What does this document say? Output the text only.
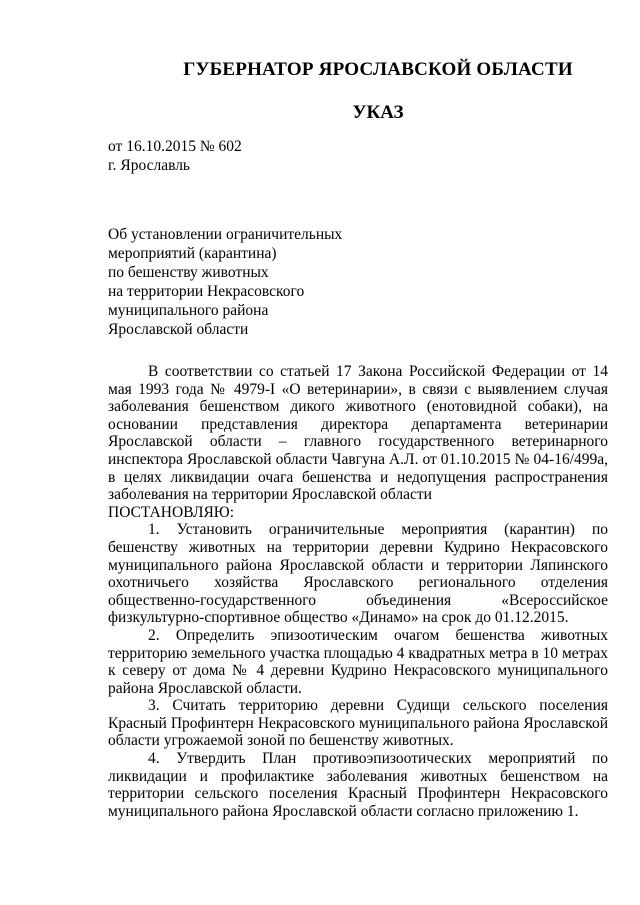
ГУБЕРНАТОР ЯРОСЛАВСКОЙ ОБЛАСТИ
УКАЗ
от 16.10.2015 № 602
г. Ярославль
Об установлении ограничительных
мероприятий (карантина)
по бешенству животных
на территории Некрасовского
муниципального района
Ярославской области

В соответствии со статьей 17 Закона Российской Федерации от 14 мая 1993 года № 4979-I «О ветеринарии», в связи с выявлением случая заболевания бешенством дикого животного (енотовидной собаки), на основании представления директора департамента ветеринарии Ярославской области – главного государственного ветеринарного инспектора Ярославской области Чавгуна А.Л. от 01.10.2015 № 04-16/499а, в целях ликвидации очага бешенства и недопущения распространения заболевания на территории Ярославской области

ПОСТАНОВЛЯЮ:

1. Установить ограничительные мероприятия (карантин) по бешенству животных на территории деревни Кудрино Некрасовского муниципального района Ярославской области и территории Ляпинского охотничьего хозяйства Ярославского регионального отделения общественно-государственного объединения «Всероссийское физкультурно-спортивное общество «Динамо» на срок до 01.12.2015.

2. Определить эпизоотическим очагом бешенства животных территорию земельного участка площадью 4 квадратных метра в 10 метрах к северу от дома № 4 деревни Кудрино Некрасовского муниципального района Ярославской области.

3. Считать территорию деревни Судищи сельского поселения Красный Профинтерн Некрасовского муниципального района Ярославской области угрожаемой зоной по бешенству животных.

4. Утвердить План противоэпизоотических мероприятий по ликвидации и профилактике заболевания животных бешенством на территории сельского поселения Красный Профинтерн Некрасовского муниципального района Ярославской области согласно приложению 1.
